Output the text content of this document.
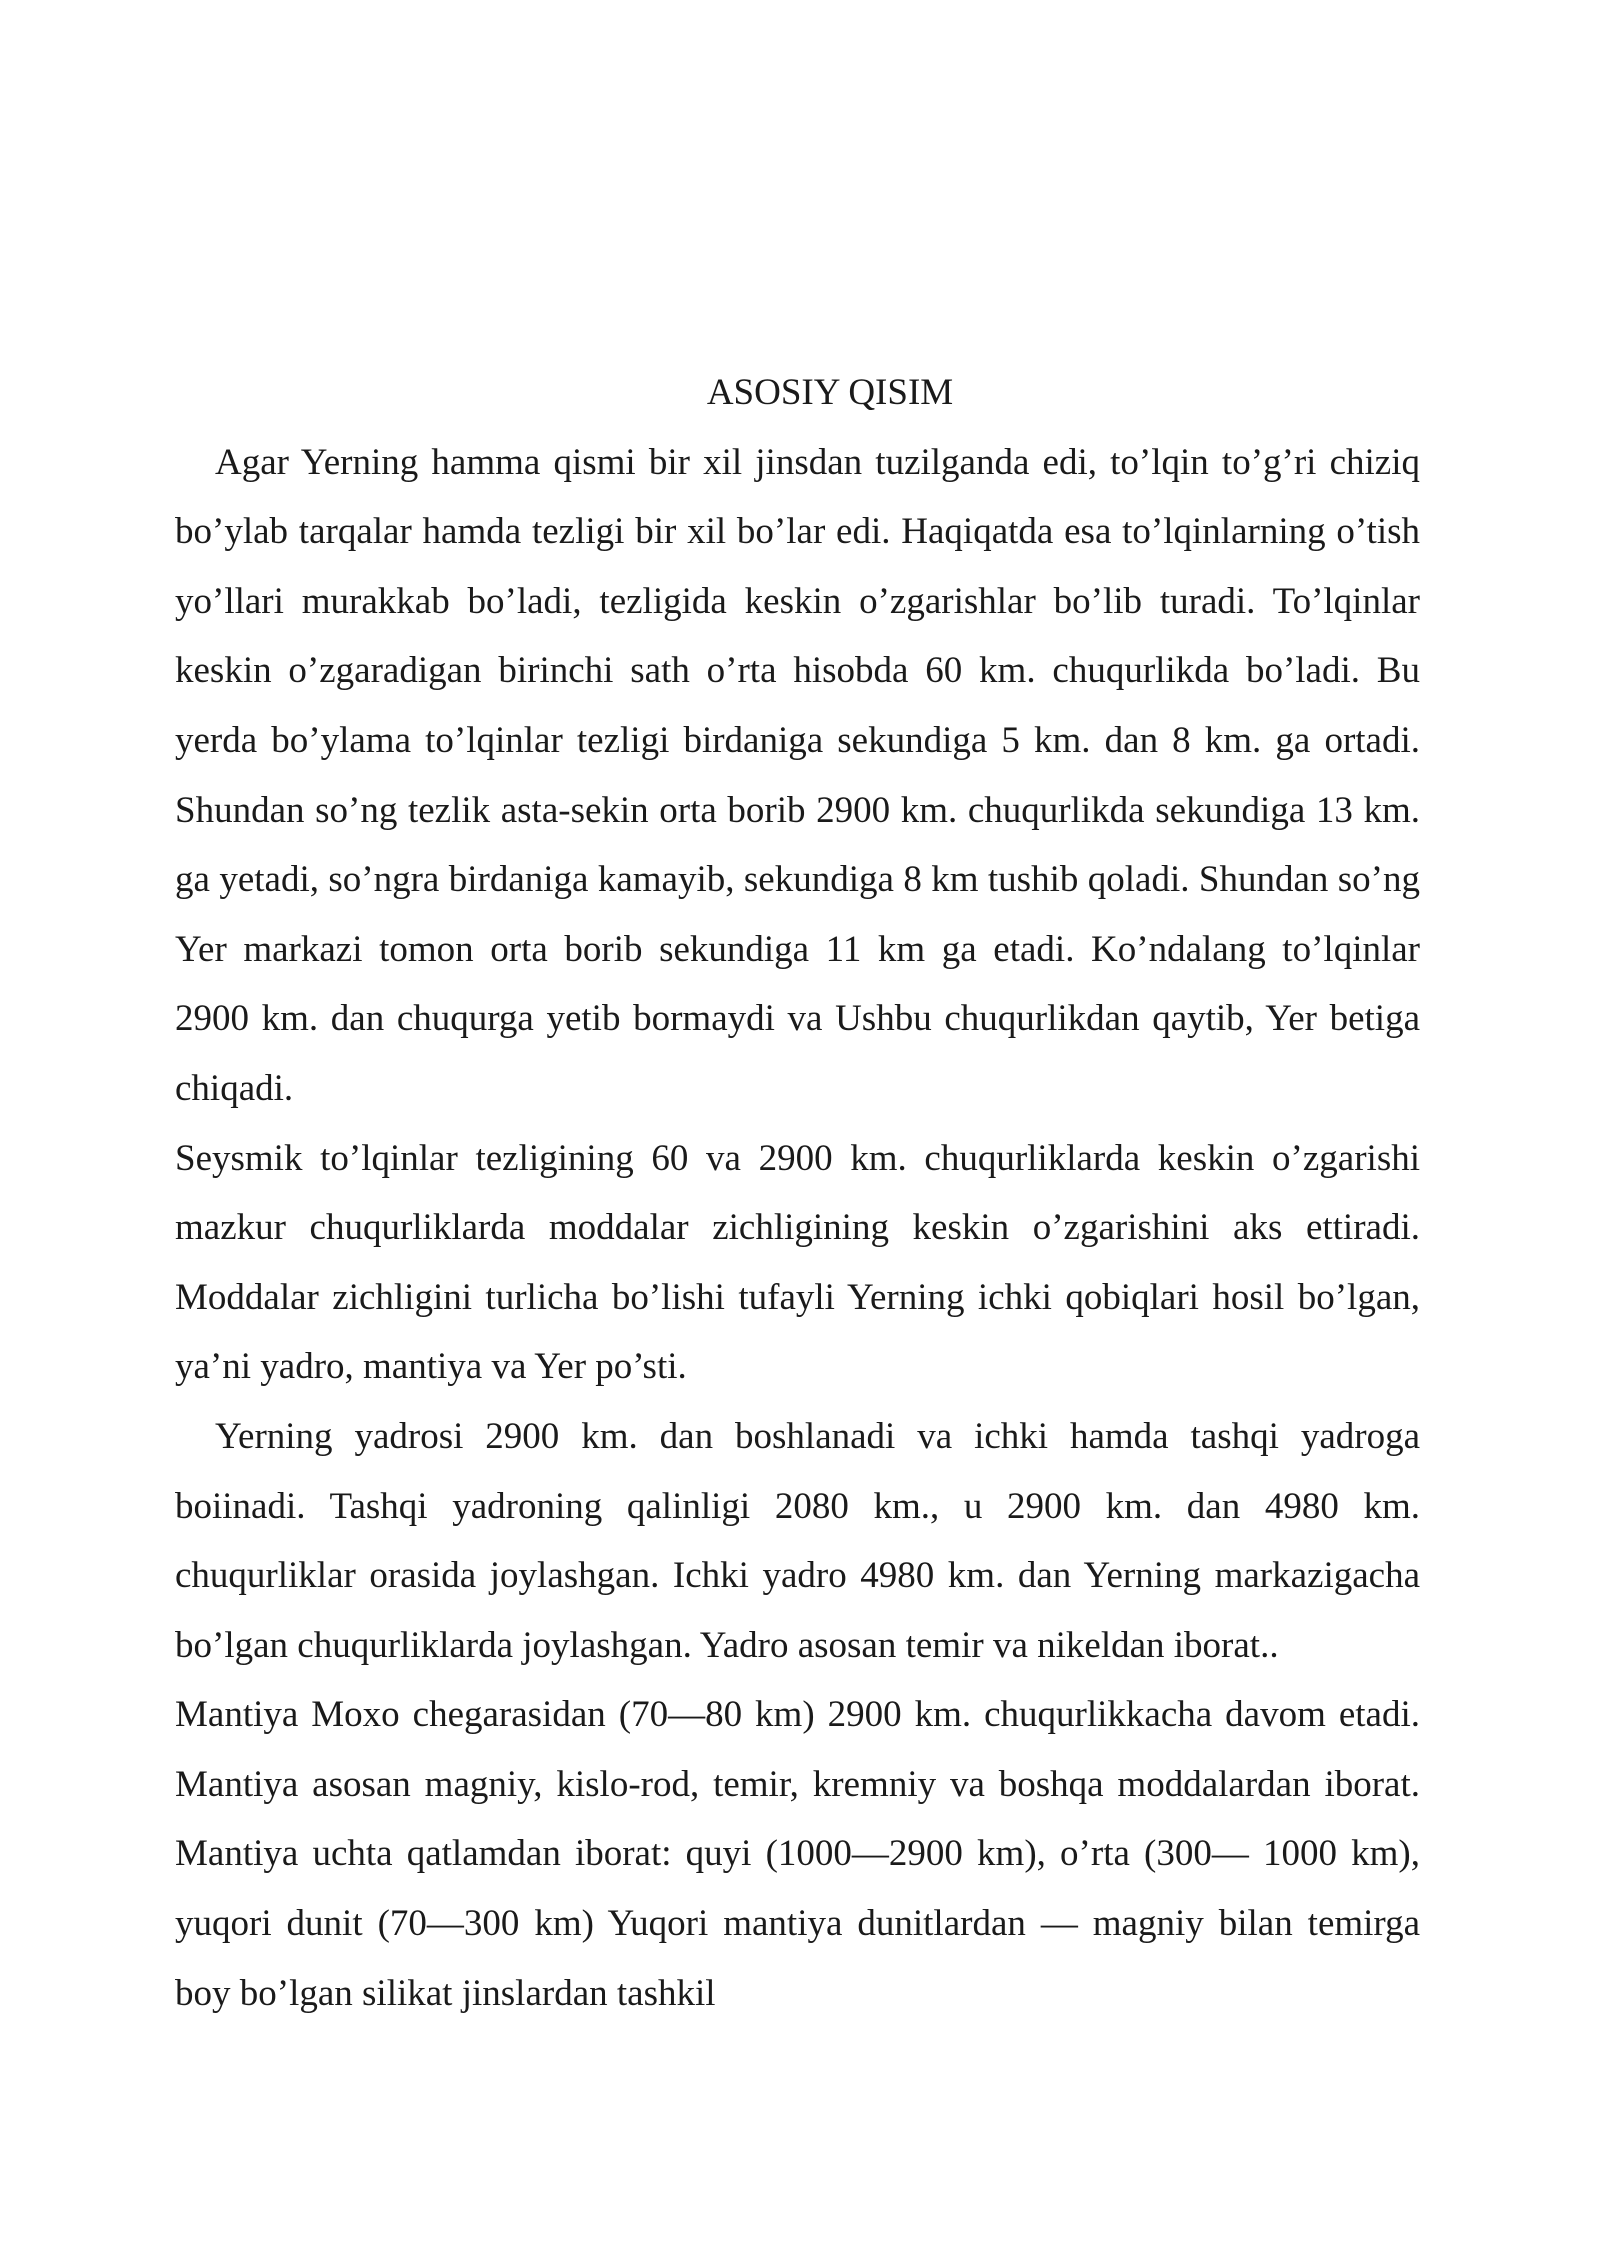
ASOSIY QISIM

Agar Yerning hamma qismi bir xil jinsdan tuzilganda edi, to’lqin to’g’ri chiziq bo’ylab tarqalar hamda tezligi bir xil bo’lar edi. Haqiqatda esa to’lqinlarning o’tish yo’llari murakkab bo’ladi, tezligida keskin o’zgarishlar bo’lib turadi. To’lqinlar keskin o’zgaradigan birinchi sath o’rta hisobda 60 km. chuqurlikda bo’ladi. Bu yerda bo’ylama to’lqinlar tezligi birdaniga sekundiga 5 km. dan 8 km. ga ortadi. Shundan so’ng tezlik asta-sekin orta borib 2900 km. chuqurlikda sekundiga 13 km. ga yetadi, so’ngra birdaniga kamayib, sekundiga 8 km tushib qoladi. Shundan so’ng Yer markazi tomon orta borib sekundiga 11 km ga etadi. Ko’ndalang to’lqinlar 2900 km. dan chuqurga yetib bormaydi va Ushbu chuqurlikdan qaytib, Yer betiga chiqadi.

Seysmik to’lqinlar tezligining 60 va 2900 km. chuqurliklarda keskin o’zgarishi mazkur chuqurliklarda moddalar zichligining keskin o’zgarishini aks ettiradi. Moddalar zichligini turlicha bo’lishi tufayli Yerning ichki qobiqlari hosil bo’lgan, ya’ni yadro, mantiya va Yer po’sti.

Yerning yadrosi 2900 km. dan boshlanadi va ichki hamda tashqi yadroga boiinadi. Tashqi yadroning qalinligi 2080 km., u 2900 km. dan 4980 km. chuqurliklar orasida joylashgan. Ichki yadro 4980 km. dan Yerning markazigacha bo’lgan chuqurliklarda joylashgan. Yadro asosan temir va nikeldan iborat..

Mantiya Moxo chegarasidan (70—80 km) 2900 km. chuqurlikkacha davom etadi. Mantiya asosan magniy, kislo-rod, temir, kremniy va boshqa moddalardan iborat. Mantiya uchta qatlamdan iborat: quyi (1000—2900 km), o’rta (300— 1000 km), yuqori dunit (70—300 km) Yuqori mantiya dunitlardan — magniy bilan temirga boy bo’lgan silikat jinslardan tashkil
